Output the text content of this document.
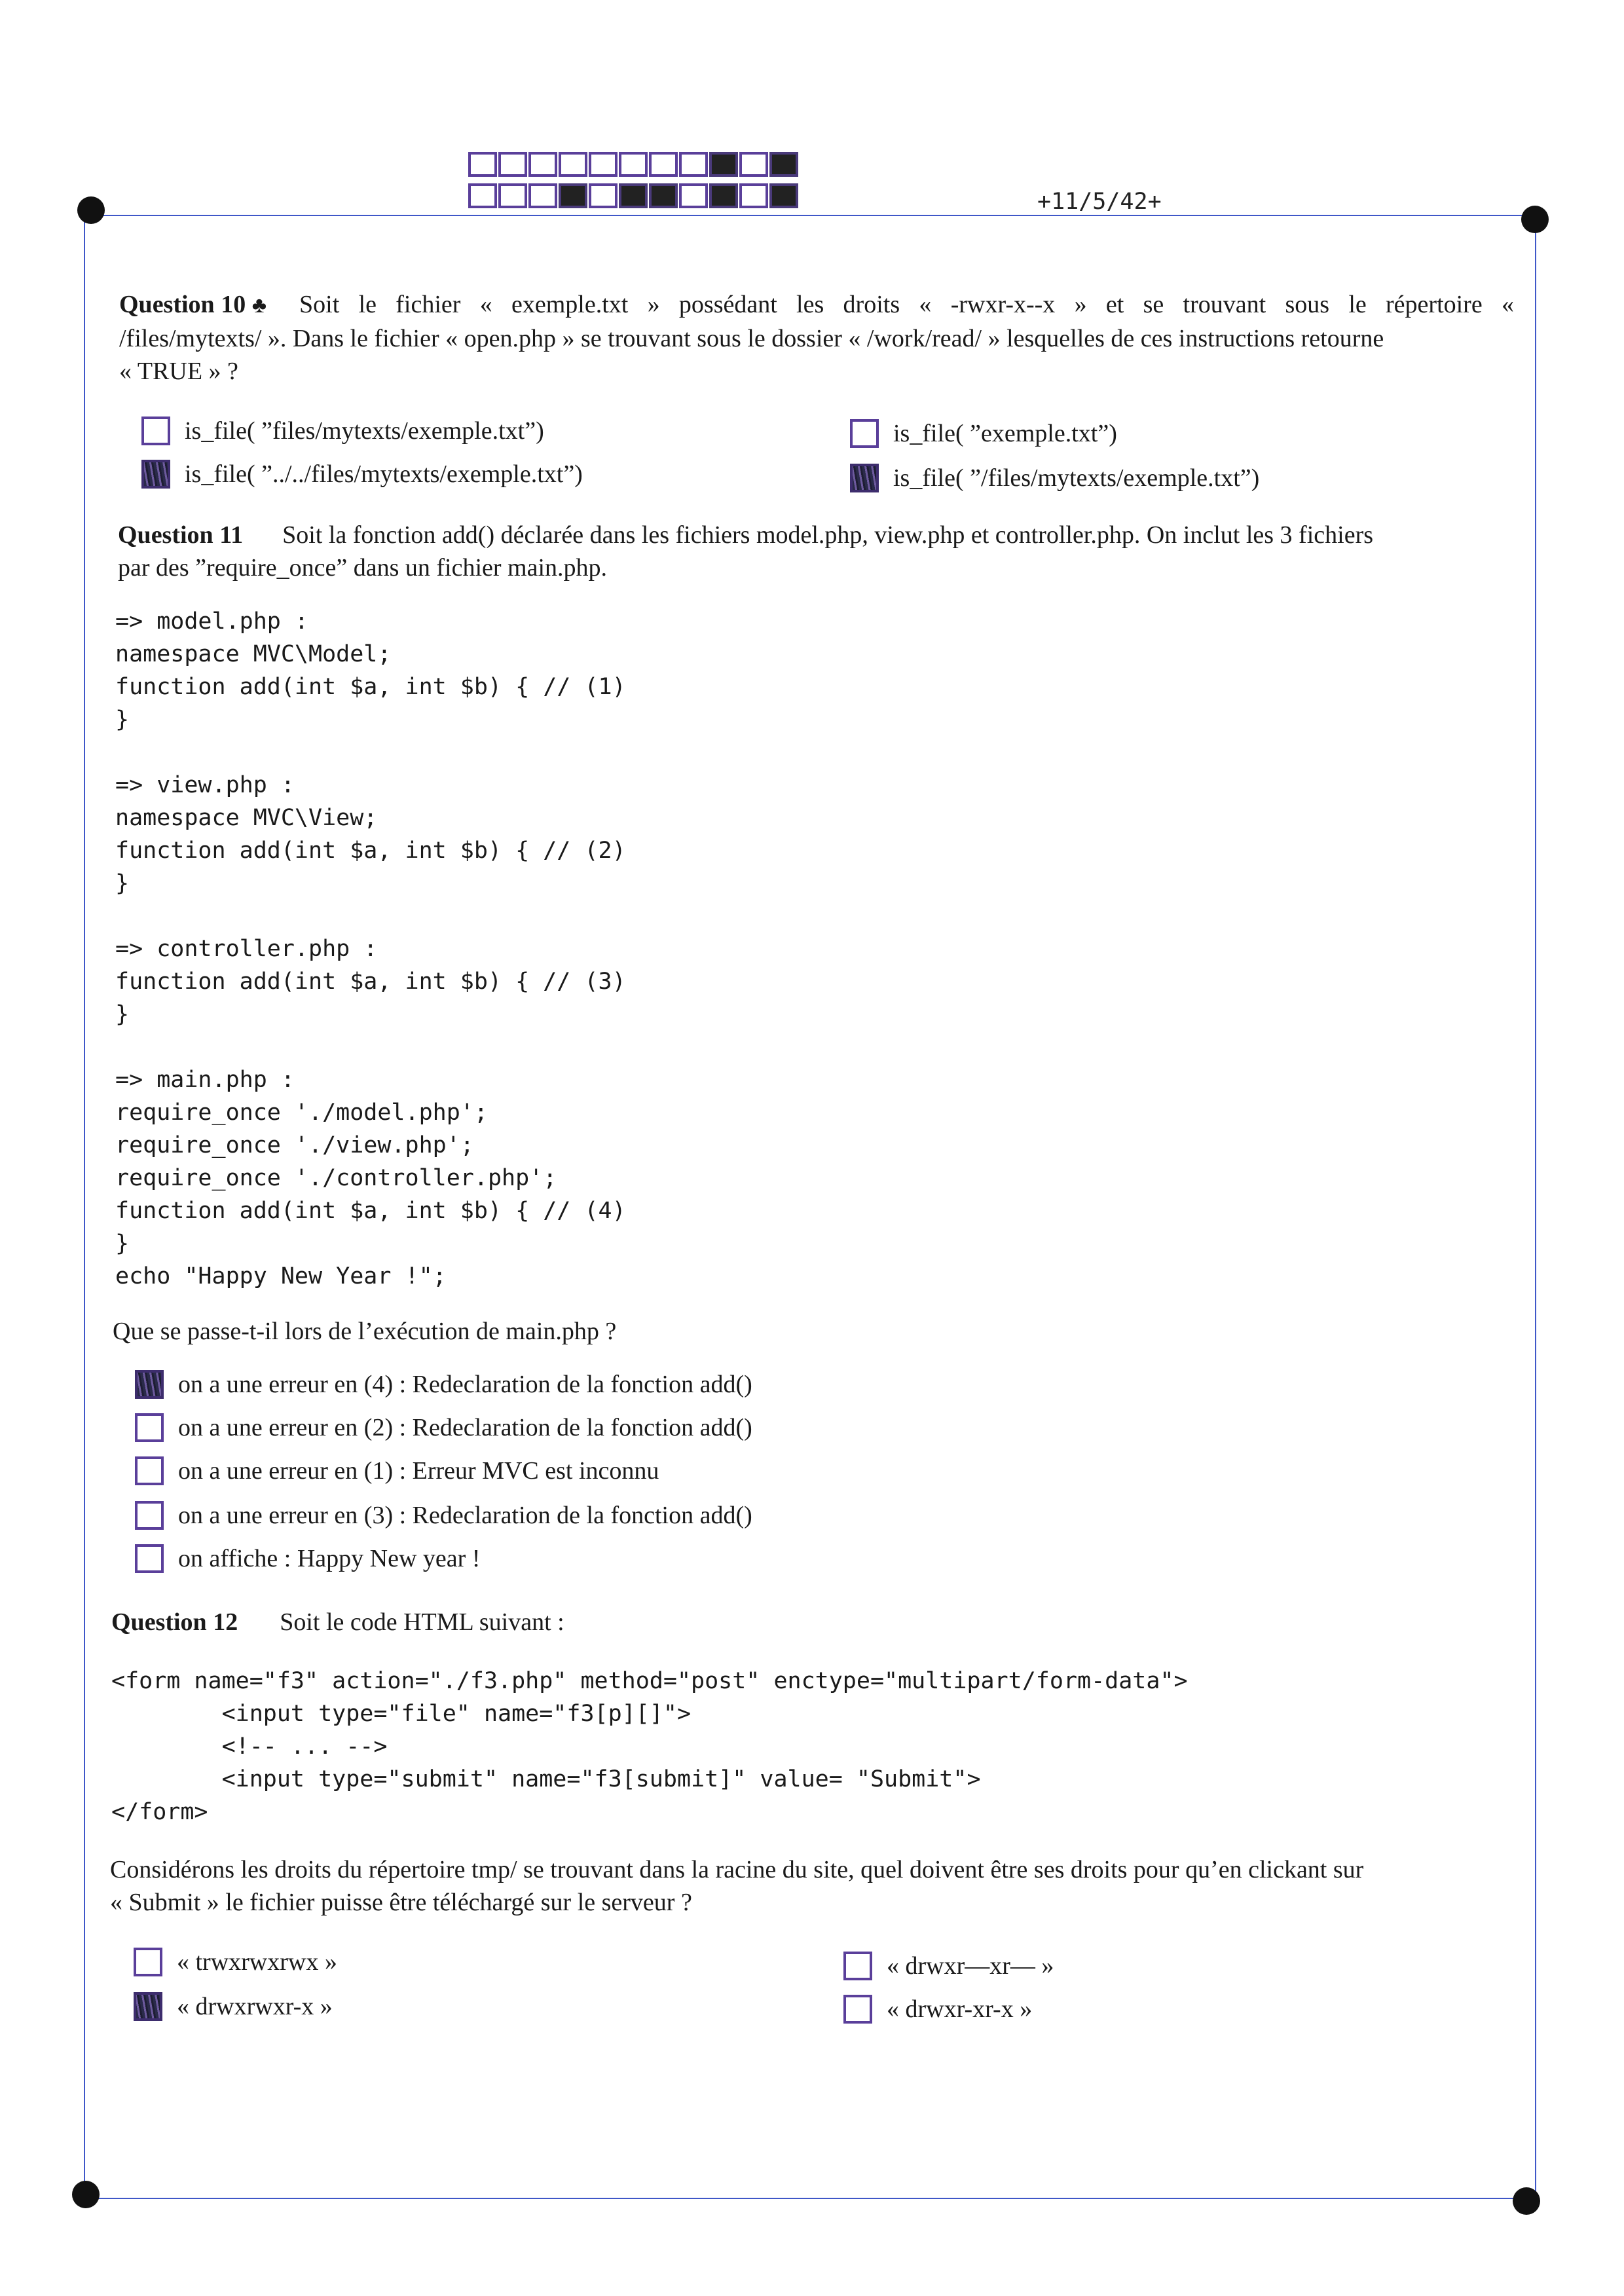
+11/5/42+
Question 10 ♣ Soit le fichier « exemple.txt » possédant les droits « -rwxr-x--x » et se trouvant sous le répertoire «
/files/mytexts/ ». Dans le fichier « open.php » se trouvant sous le dossier « /work/read/ » lesquelles de ces instructions retourne
« TRUE » ?
is_file( ”files/mytexts/exemple.txt”)	is_file( ”exemple.txt”)
is_file( ”../../files/mytexts/exemple.txt”)	is_file( ”/files/mytexts/exemple.txt”)
Question 11 Soit la fonction add() déclarée dans les fichiers model.php, view.php et controller.php. On inclut les 3 fichiers
par des ”require_once” dans un fichier main.php.
=> model.php :
namespace MVC\Model;
function add(int $a, int $b) { // (1)
}

=> view.php :
namespace MVC\View;
function add(int $a, int $b) { // (2)
}

=> controller.php :
function add(int $a, int $b) { // (3)
}

=> main.php :
require_once './model.php';
require_once './view.php';
require_once './controller.php';
function add(int $a, int $b) { // (4)
}
echo "Happy New Year !";
Que se passe-t-il lors de l’exécution de main.php ?
on a une erreur en (4) : Redeclaration de la fonction add()
on a une erreur en (2) : Redeclaration de la fonction add()
on a une erreur en (1) : Erreur MVC est inconnu
on a une erreur en (3) : Redeclaration de la fonction add()
on affiche : Happy New year !
Question 12 Soit le code HTML suivant :
<form name="f3" action="./f3.php" method="post" enctype="multipart/form-data">
<input type="file" name="f3[p][]">
<!-- ... -->
<input type="submit" name="f3[submit]" value= "Submit">
</form>
Considérons les droits du répertoire tmp/ se trouvant dans la racine du site, quel doivent être ses droits pour qu’en clickant sur
« Submit » le fichier puisse être téléchargé sur le serveur ?
« trwxrwxrwx »	« drwxr—xr— »
« drwxrwxr-x »	« drwxr-xr-x »
